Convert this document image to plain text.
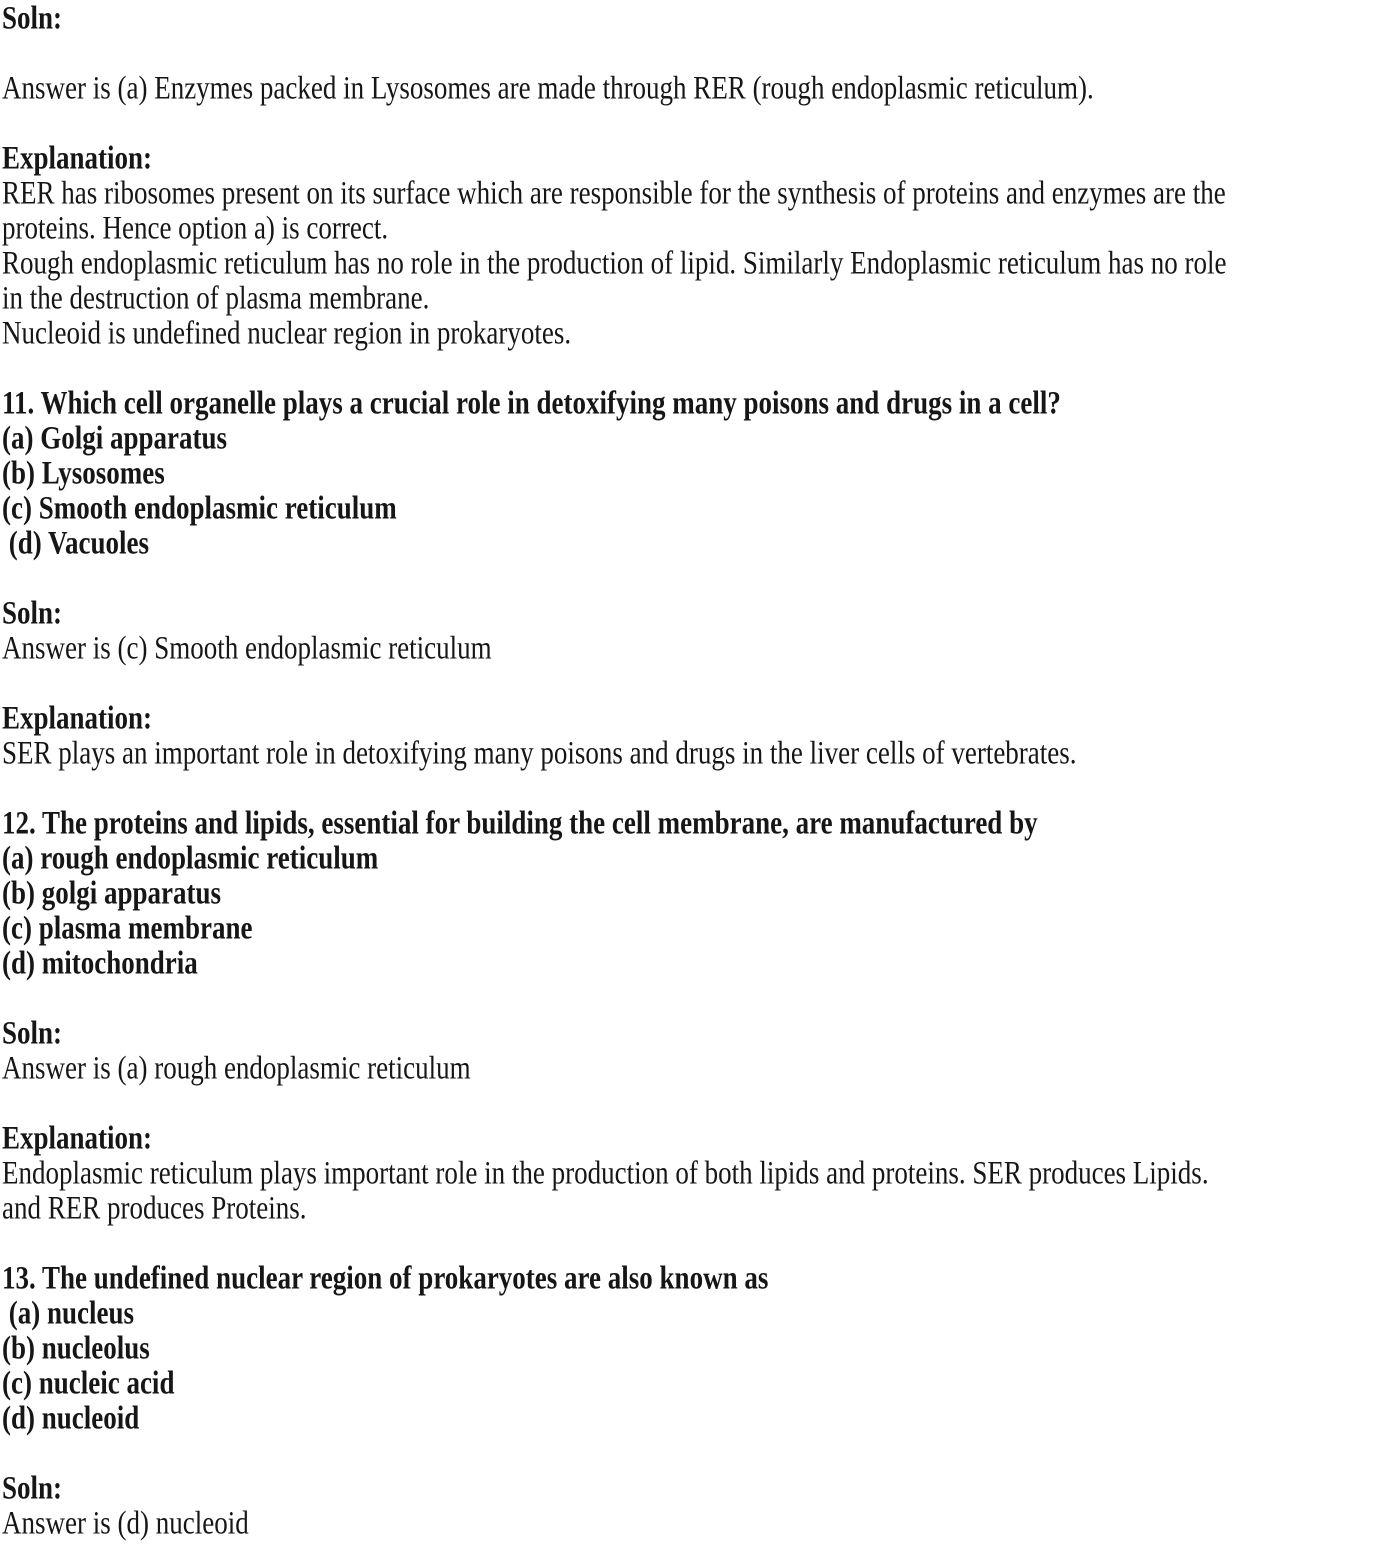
Soln:
Answer is (a) Enzymes packed in Lysosomes are made through RER (rough endoplasmic reticulum).
Explanation:
RER has ribosomes present on its surface which are responsible for the synthesis of proteins and enzymes are the
proteins. Hence option a) is correct.
Rough endoplasmic reticulum has no role in the production of lipid. Similarly Endoplasmic reticulum has no role
in the destruction of plasma membrane.
Nucleoid is undefined nuclear region in prokaryotes.
11. Which cell organelle plays a crucial role in detoxifying many poisons and drugs in a cell?
(a) Golgi apparatus
(b) Lysosomes
(c) Smooth endoplasmic reticulum
(d) Vacuoles
Soln:
Answer is (c) Smooth endoplasmic reticulum
Explanation:
SER plays an important role in detoxifying many poisons and drugs in the liver cells of vertebrates.
12. The proteins and lipids, essential for building the cell membrane, are manufactured by
(a) rough endoplasmic reticulum
(b) golgi apparatus
(c) plasma membrane
(d) mitochondria
Soln:
Answer is (a) rough endoplasmic reticulum
Explanation:
Endoplasmic reticulum plays important role in the production of both lipids and proteins. SER produces Lipids.
and RER produces Proteins.
13. The undefined nuclear region of prokaryotes are also known as
(a) nucleus
(b) nucleolus
(c) nucleic acid
(d) nucleoid
Soln:
Answer is (d) nucleoid
